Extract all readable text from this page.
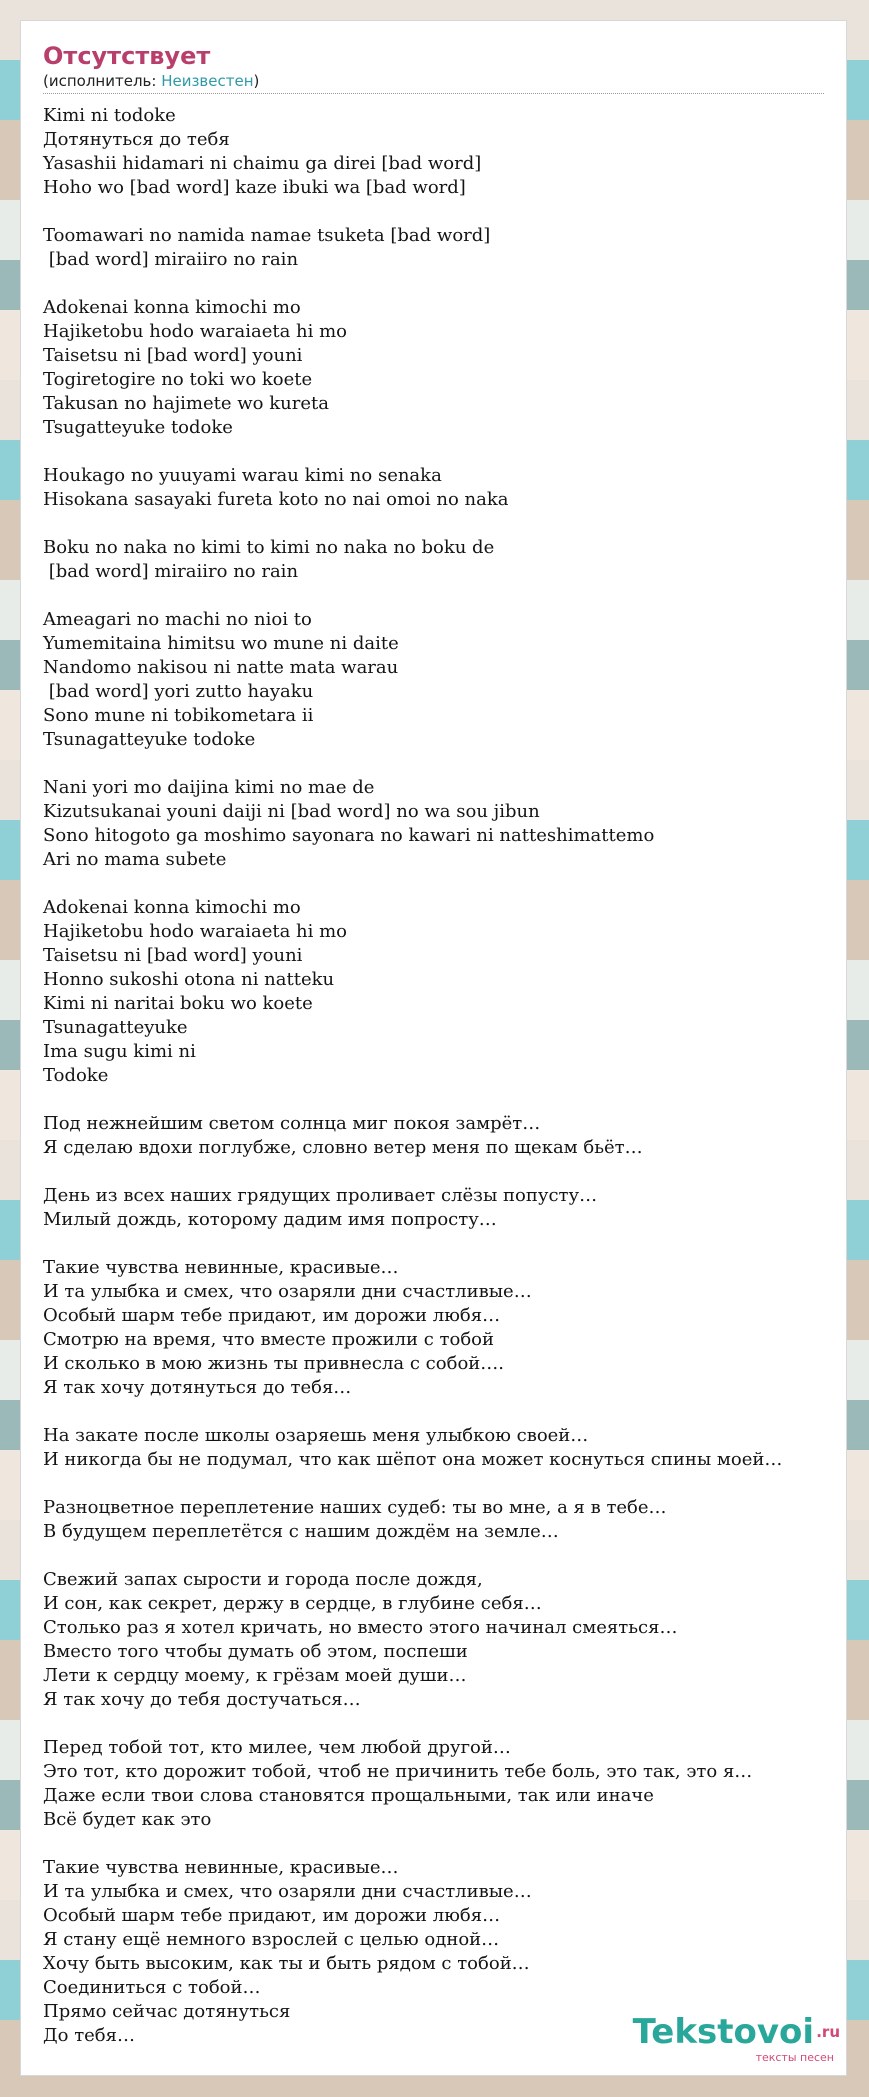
Отсутствует
(исполнитель: Неизвестен)
Kimi ni todoke
Дотянуться до тебя
Yasashii hidamari ni chaimu ga direi [bad word]
Hoho wo [bad word] kaze ibuki wa [bad word]
Toomawari no namida namae tsuketa [bad word]
[bad word] miraiiro no rain
Adokenai konna kimochi mo
Hajiketobu hodo waraiaeta hi mo
Taisetsu ni [bad word] youni
Togiretogire no toki wo koete
Takusan no hajimete wo kureta
Tsugatteyuke todoke
Houkago no yuuyami warau kimi no senaka
Hisokana sasayaki fureta koto no nai omoi no naka
Boku no naka no kimi to kimi no naka no boku de
[bad word] miraiiro no rain
Ameagari no machi no nioi to
Yumemitaina himitsu wo mune ni daite
Nandomo nakisou ni natte mata warau
[bad word] yori zutto hayaku
Sono mune ni tobikometara ii
Tsunagatteyuke todoke
Nani yori mo daijina kimi no mae de
Kizutsukanai youni daiji ni [bad word] no wa sou jibun
Sono hitogoto ga moshimo sayonara no kawari ni natteshimattemo
Ari no mama subete
Adokenai konna kimochi mo
Hajiketobu hodo waraiaeta hi mo
Taisetsu ni [bad word] youni
Honno sukoshi otona ni natteku
Kimi ni naritai boku wo koete
Tsunagatteyuke
Ima sugu kimi ni
Todoke
Под нежнейшим светом солнца миг покоя замрёт…
Я сделаю вдохи поглубже, словно ветер меня по щекам бьёт…
День из всех наших грядущих проливает слёзы попусту…
Милый дождь, которому дадим имя попросту…
Такие чувства невинные, красивые…
И та улыбка и смех, что озаряли дни счастливые…
Особый шарм тебе придают, им дорожи любя…
Смотрю на время, что вместе прожили с тобой
И сколько в мою жизнь ты привнесла с собой….
Я так хочу дотянуться до тебя…
На закате после школы озаряешь меня улыбкою своей…
И никогда бы не подумал, что как шёпот она может коснуться спины моей…
Разноцветное переплетение наших судеб: ты во мне, а я в тебе…
В будущем переплетётся с нашим дождём на земле…
Свежий запах сырости и города после дождя,
И сон, как секрет, держу в сердце, в глубине себя…
Столько раз я хотел кричать, но вместо этого начинал смеяться…
Вместо того чтобы думать об этом, поспеши
Лети к сердцу моему, к грёзам моей души…
Я так хочу до тебя достучаться…
Перед тобой тот, кто милее, чем любой другой…
Это тот, кто дорожит тобой, чтоб не причинить тебе боль, это так, это я…
Даже если твои слова становятся прощальными, так или иначе
Всё будет как это
Такие чувства невинные, красивые…
И та улыбка и смех, что озаряли дни счастливые…
Особый шарм тебе придают, им дорожи любя…
Я стану ещё немного взрослей с целью одной…
Хочу быть высоким, как ты и быть рядом с тобой…
Соединиться с тобой…
Прямо сейчас дотянуться
До тебя…	Tekstovoi .ru
тексты песен
